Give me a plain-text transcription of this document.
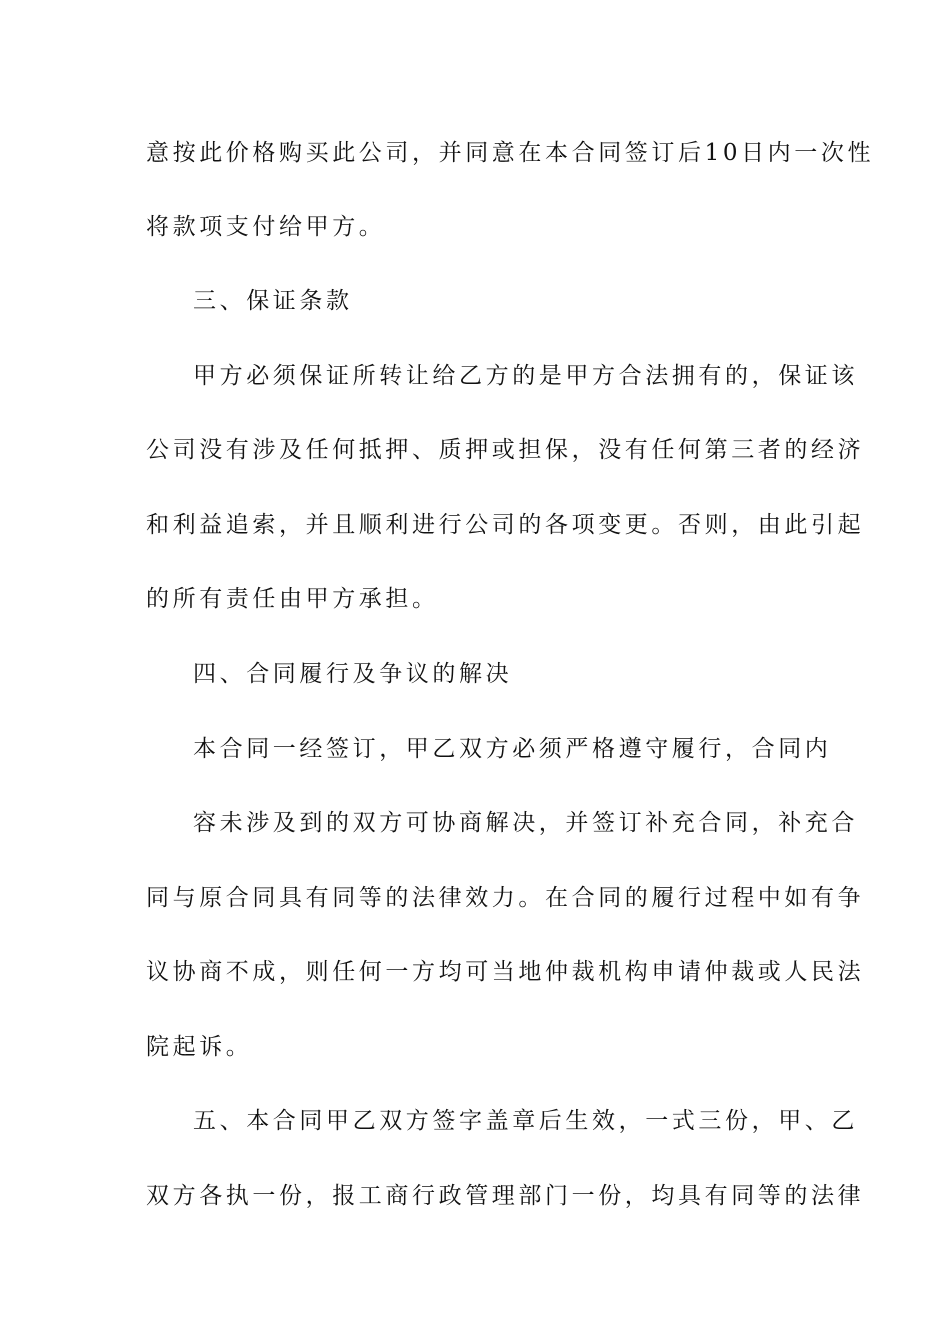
意按此价格购买此公司，并同意在本合同签订后10日内一次性

将款项支付给甲方。

三、保证条款

甲方必须保证所转让给乙方的是甲方合法拥有的，保证该

公司没有涉及任何抵押、质押或担保，没有任何第三者的经济

和利益追索，并且顺利进行公司的各项变更。否则，由此引起

的所有责任由甲方承担。

四、合同履行及争议的解决

本合同一经签订，甲乙双方必须严格遵守履行，合同内

容未涉及到的双方可协商解决，并签订补充合同，补充合

同与原合同具有同等的法律效力。在合同的履行过程中如有争

议协商不成，则任何一方均可当地仲裁机构申请仲裁或人民法

院起诉。

五、本合同甲乙双方签字盖章后生效，一式三份，甲、乙

双方各执一份，报工商行政管理部门一份，均具有同等的法律
